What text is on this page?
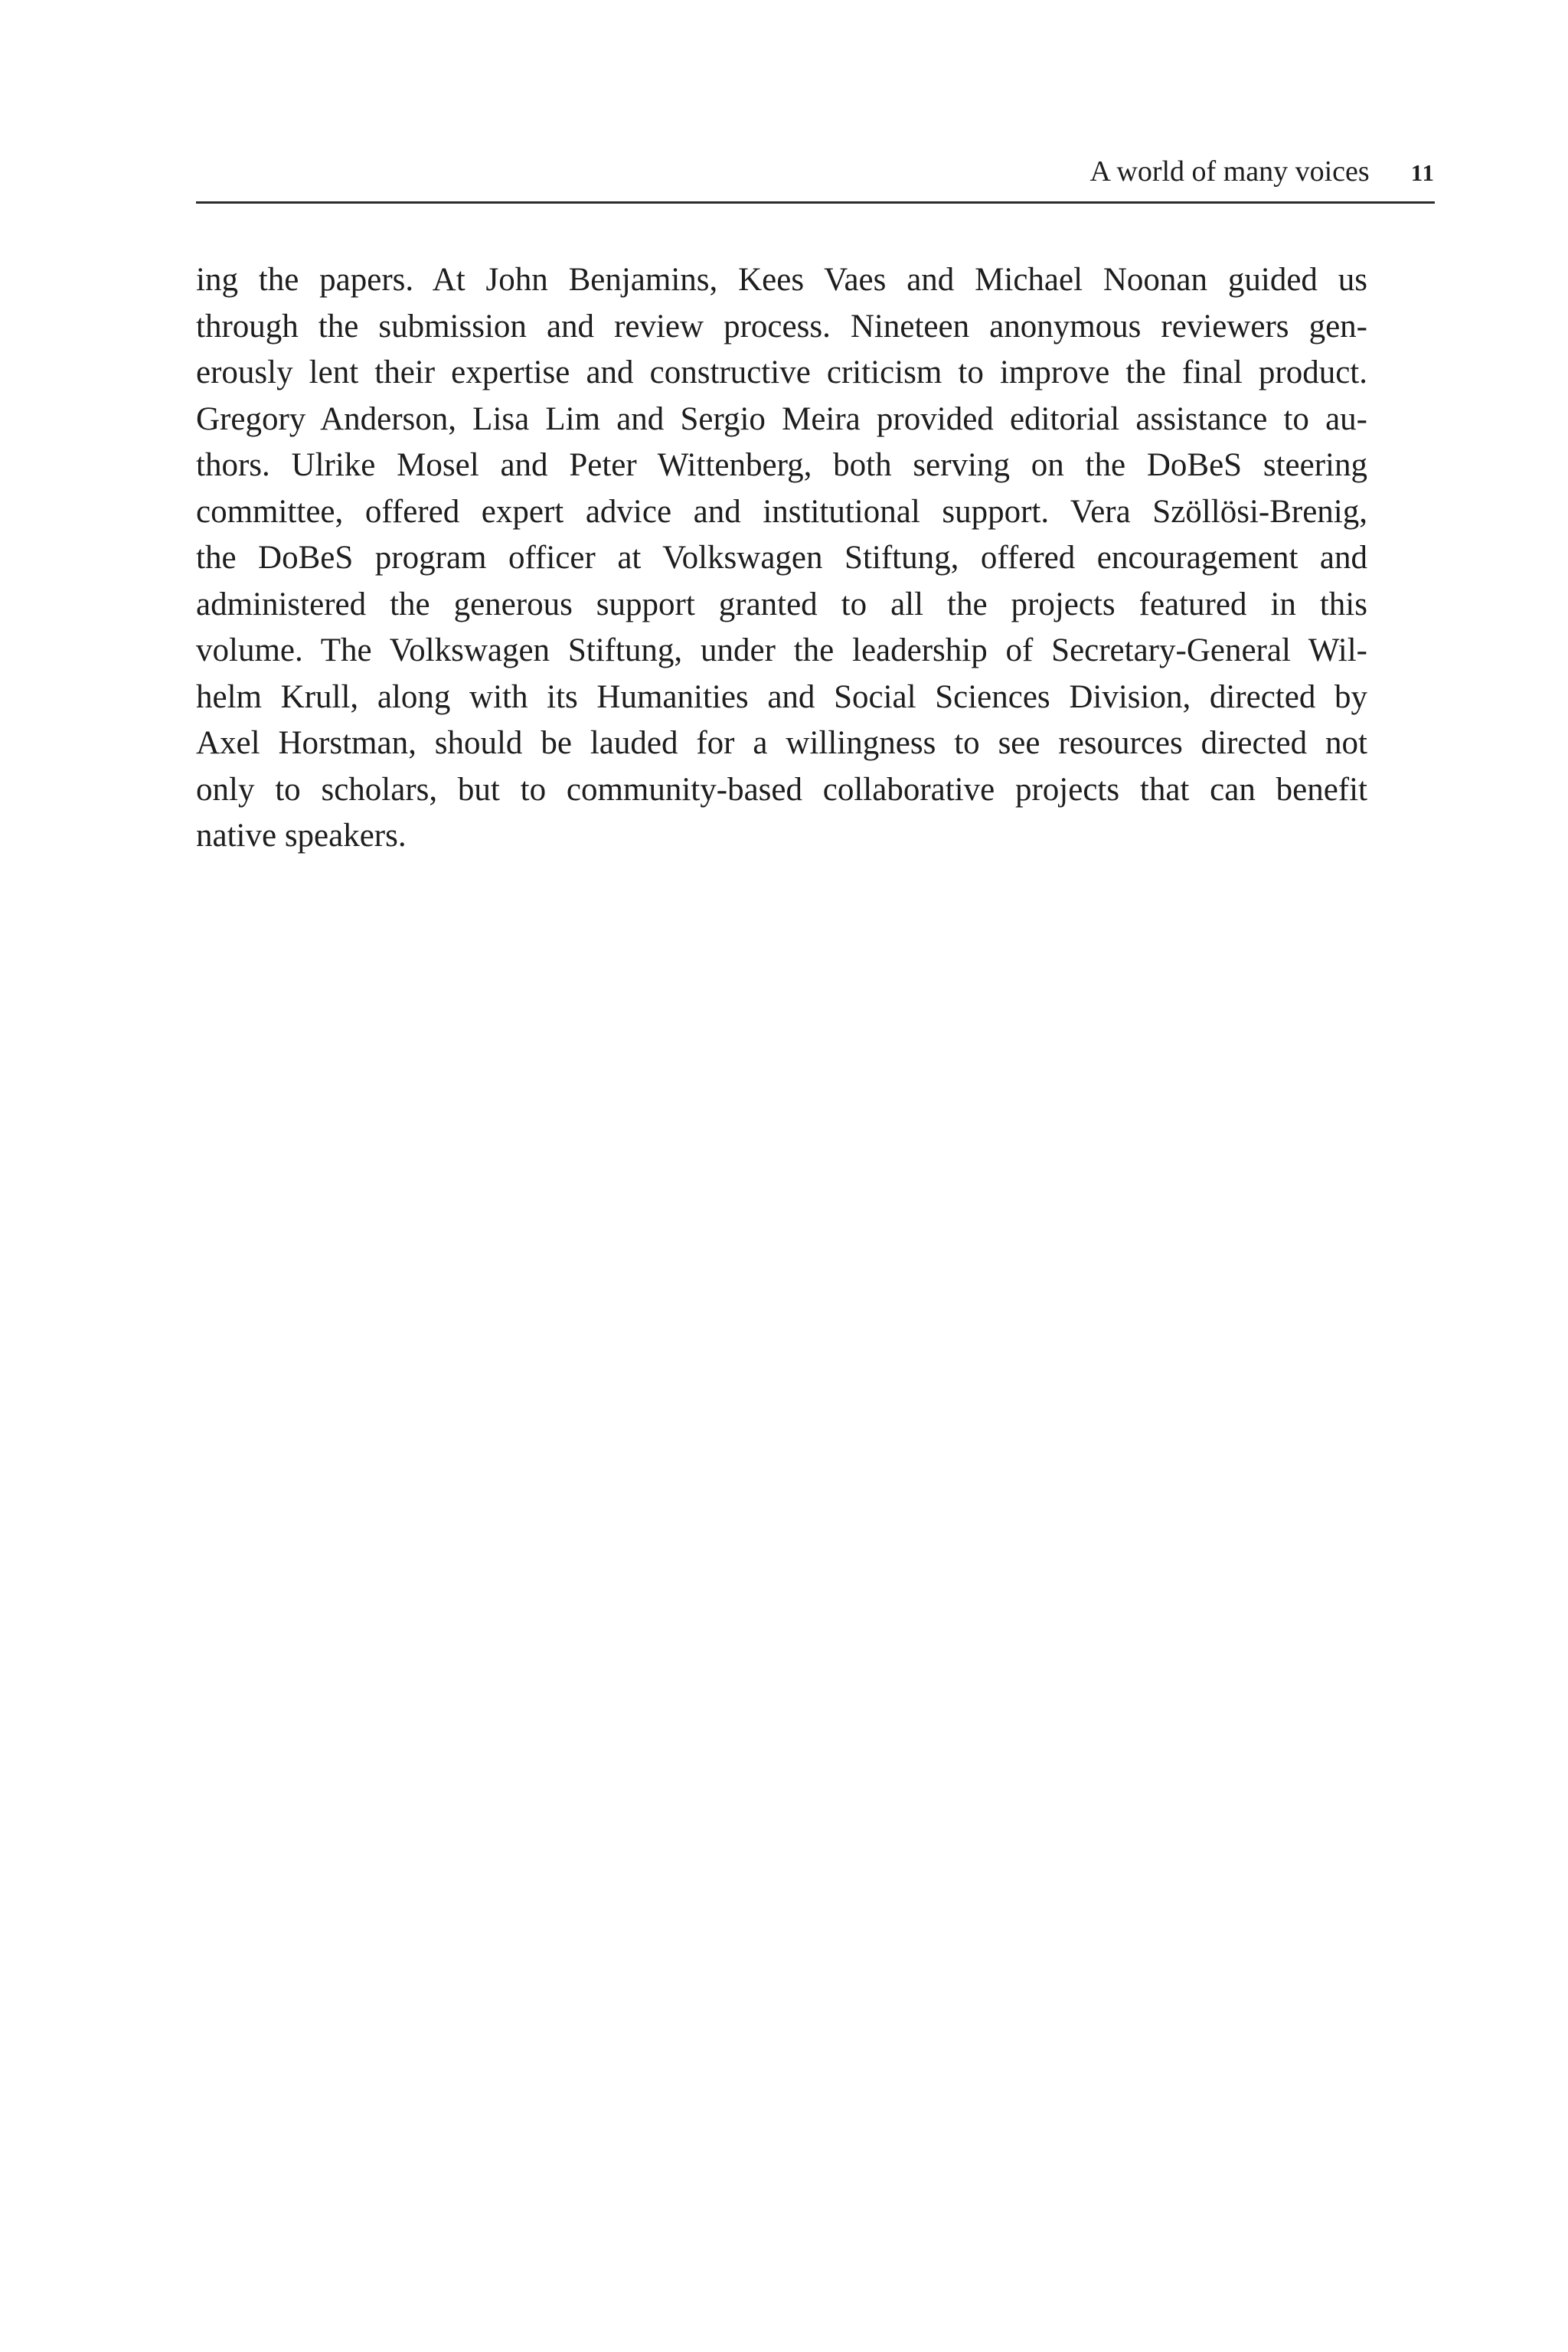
A world of many voices 11

ing the papers. At John Benjamins, Kees Vaes and Michael Noonan guided us
through the submission and review process. Nineteen anonymous reviewers gen-
erously lent their expertise and constructive criticism to improve the final product.
Gregory Anderson, Lisa Lim and Sergio Meira provided editorial assistance to au-
thors. Ulrike Mosel and Peter Wittenberg, both serving on the DoBeS steering
committee, offered expert advice and institutional support. Vera Szöllösi-Brenig,
the DoBeS program officer at Volkswagen Stiftung, offered encouragement and
administered the generous support granted to all the projects featured in this
volume. The Volkswagen Stiftung, under the leadership of Secretary-General Wil-
helm Krull, along with its Humanities and Social Sciences Division, directed by
Axel Horstman, should be lauded for a willingness to see resources directed not
only to scholars, but to community-based collaborative projects that can benefit
native speakers.
